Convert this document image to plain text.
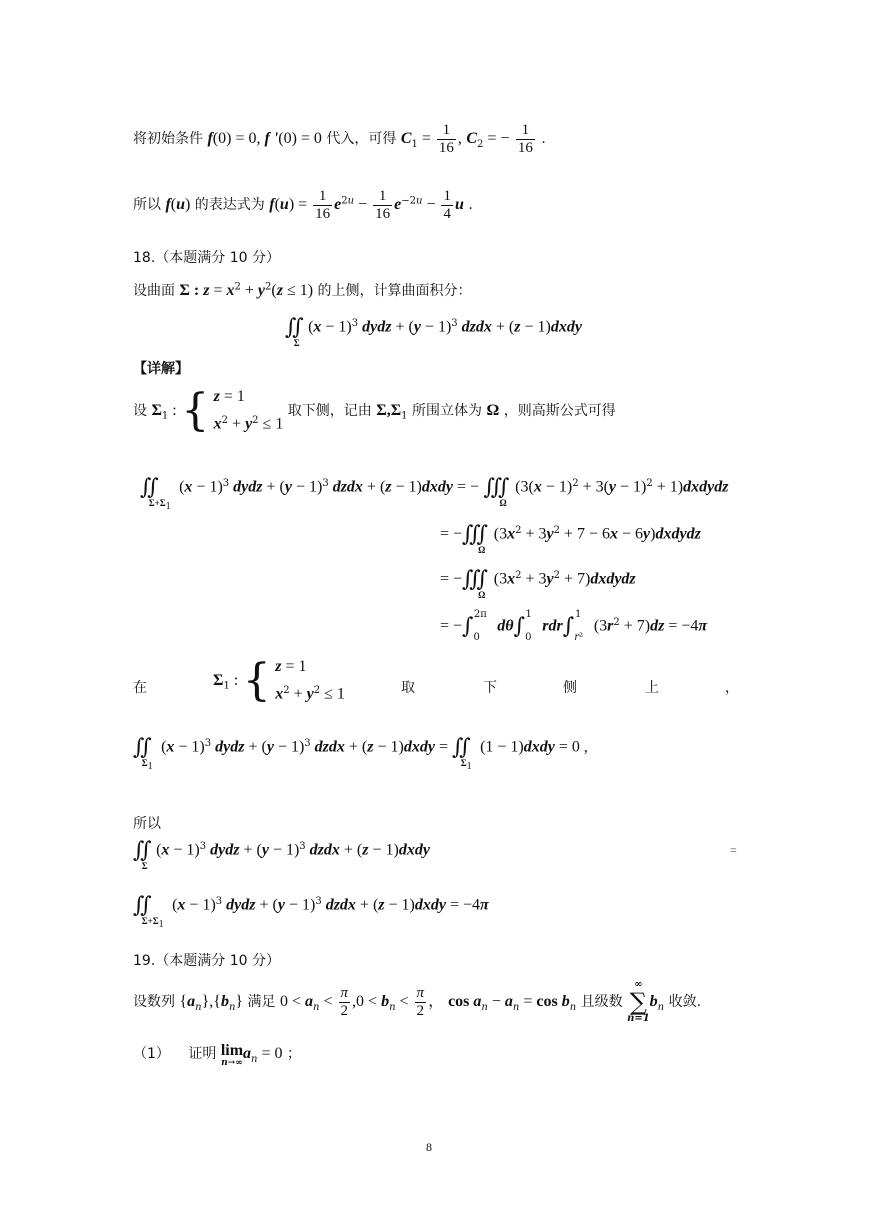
将初始条件 f(0) = 0, f '(0) = 0 代入，可得 $C_1 = \frac{1}{16}$ , $C_2$ = − $\frac{1}{16}$ .
所以 f(u) 的表达式为 $f(u) = \frac{1}{16} e^{2u} - \frac{1}{16} e^{-2u} - \frac{1}{4}$ u .
18.（本题满分 10 分）
设曲面 Σ : $z = x^2 + y^2(z \le 1)$ 的上侧，计算曲面积分：
$∬_\Sigma$ $(x - 1)^3$ dydz + $(y - 1)^3$ dzdx + (z − 1)dxdy
【详解】
设 $\Sigma_1$ : { z = 1
$x^2 + y^2 \le 1$
取下侧，记由 $\Sigma,\Sigma_1$ 所围立体为 Ω ，则高斯公式可得
$∬_{\Sigma+\Sigma_1}$ $(x - 1)^3$ dydz + $(y - 1)^3$ dzdx + (z − 1)dxdy = − $∭_\Omega$ ($3(x - 1)^2 + 3(y - 1)^2$ + 1)dxdydz
= $-∭_\Omega$ ($3x^2 + 3y^2 + 7 - 6x$ − 6y)dxdydz
= $-∭_\Omega$ ($3x^2 + 3y^2$ + 7)dxdydz
= $-\int_0^{2\pi}$ $d\theta\int_0^1$ $rdr\int_{r^2}^1$ $(3r^2 + 7)dz = -4\pi$
在	$\Sigma_1$ : { z = 1
$x^2 + y^2 \le 1$	取	下	侧	上	，
$∬_{\Sigma_1}$ $(x - 1)^3$ dydz + $(y - 1)^3$ dzdx + (z − 1)dxdy = $∬_{\Sigma_1}$ (1 − 1)dxdy = 0 ,
所以
$∬_\Sigma$ $(x - 1)^3$ dydz + $(y - 1)^3$ dzdx + (z − 1)dxdy	=
$∬_{\Sigma+\Sigma_1}$ $(x - 1)^3$ dydz + $(y - 1)^3$ dzdx + (z − 1)dxdy = −4π
19.（本题满分 10 分）
设数列 $\{a_n\},\{b_n\}$ 满足 $0 < a_n < \frac{\pi}{2} ,0 < b_n < \frac{\pi}{2}$ ， $\cos a_n - a_n = \cos b_n$ 且级数
∞
∑
n=1
$b_n$ 收敛.
（1） 证明 lim
n→∞
$a_n = 0$ ；
8
